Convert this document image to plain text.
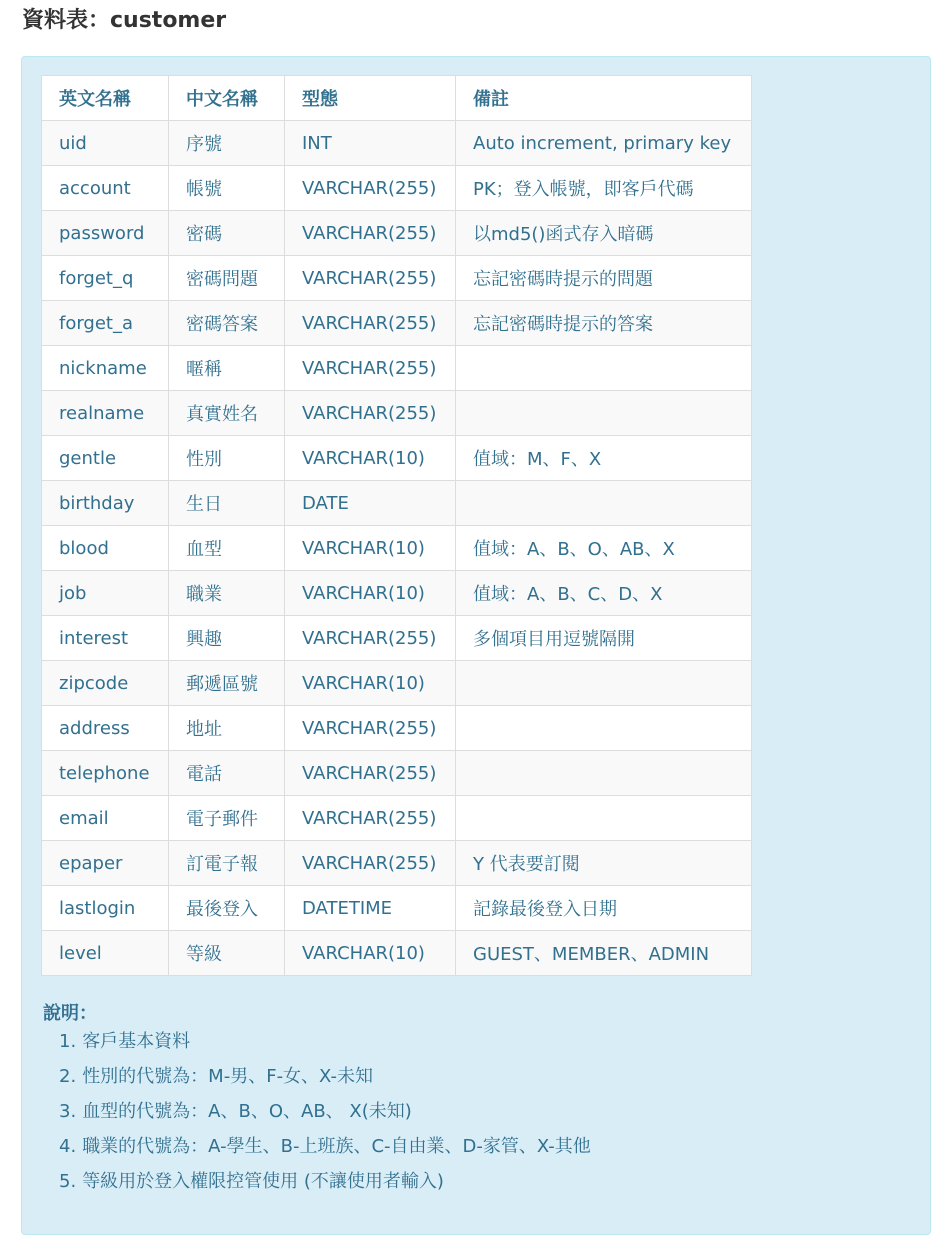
資料表：customer
英文名稱	中文名稱	型態	備註
uid	序號	INT	Auto increment, primary key
account	帳號	VARCHAR(255)	PK；登入帳號，即客戶代碼
password	密碼	VARCHAR(255)	以md5()函式存入暗碼
forget_q	密碼問題	VARCHAR(255)	忘記密碼時提示的問題
forget_a	密碼答案	VARCHAR(255)	忘記密碼時提示的答案
nickname	暱稱	VARCHAR(255)	
realname	真實姓名	VARCHAR(255)	
gentle	性別	VARCHAR(10)	值域：M、F、X
birthday	生日	DATE	
blood	血型	VARCHAR(10)	值域：A、B、O、AB、X
job	職業	VARCHAR(10)	值域：A、B、C、D、X
interest	興趣	VARCHAR(255)	多個項目用逗號隔開
zipcode	郵遞區號	VARCHAR(10)	
address	地址	VARCHAR(255)	
telephone	電話	VARCHAR(255)	
email	電子郵件	VARCHAR(255)	
epaper	訂電子報	VARCHAR(255)	Y 代表要訂閱
lastlogin	最後登入	DATETIME	記錄最後登入日期
level	等級	VARCHAR(10)	GUEST、MEMBER、ADMIN
說明：
1. 客戶基本資料
2. 性別的代號為：M-男、F-女、X-未知
3. 血型的代號為：A、B、O、AB、 X(未知)
4. 職業的代號為：A-學生、B-上班族、C-自由業、D-家管、X-其他
5. 等級用於登入權限控管使用 (不讓使用者輸入)
